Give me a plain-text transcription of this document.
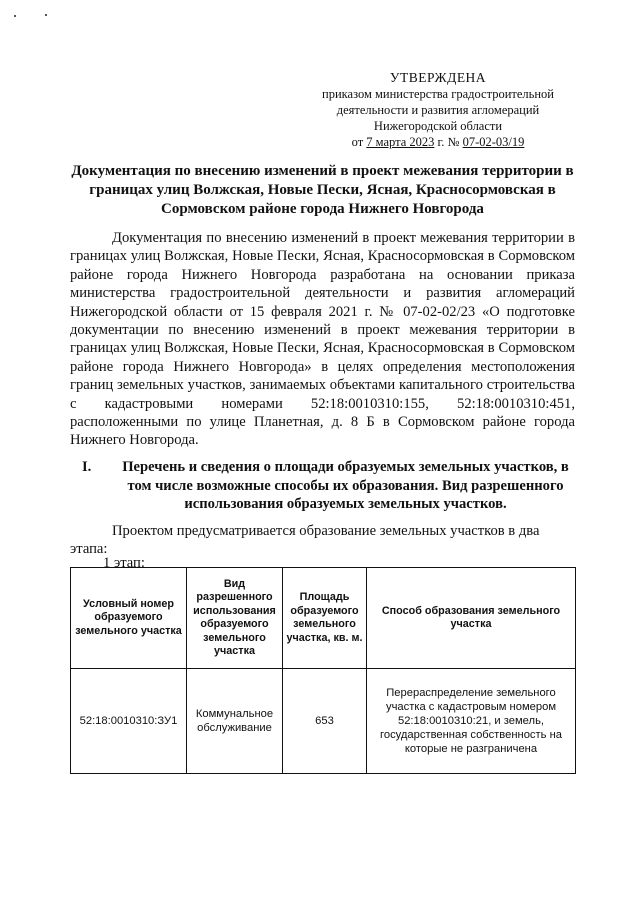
УТВЕРЖДЕНА
приказом министерства градостроительной
деятельности и развития агломераций
Нижегородской области
от 7 марта 2023 г. № 07-02-03/19
Документация по внесению изменений в проект межевания территории в границах улиц Волжская, Новые Пески, Ясная, Красносормовская в Сормовском районе города Нижнего Новгорода
Документация по внесению изменений в проект межевания территории в границах улиц Волжская, Новые Пески, Ясная, Красносормовская в Сормовском районе города Нижнего Новгорода разработана на основании приказа министерства градостроительной деятельности и развития агломераций Нижегородской области от 15 февраля 2021 г. № 07-02-02/23 «О подготовке документации по внесению изменений в проект межевания территории в границах улиц Волжская, Новые Пески, Ясная, Красносормовская в Сормовском районе города Нижнего Новгорода» в целях определения местоположения границ земельных участков, занимаемых объектами капитального строительства с кадастровыми номерами 52:18:0010310:155, 52:18:0010310:451, расположенными по улице Планетная, д. 8 Б в Сормовском районе города Нижнего Новгорода.
I.	Перечень и сведения о площади образуемых земельных участков, в том числе возможные способы их образования. Вид разрешенного использования образуемых земельных участков.
Проектом предусматривается образование земельных участков в два этапа:
1 этап:
Условный номер образуемого земельного участка	Вид разрешенного использования образуемого земельного участка	Площадь образуемого земельного участка, кв. м.	Способ образования земельного участка
52:18:0010310:ЗУ1	Коммунальное обслуживание	653	Перераспределение земельного участка с кадастровым номером 52:18:0010310:21, и земель, государственная собственность на которые не разграничена
